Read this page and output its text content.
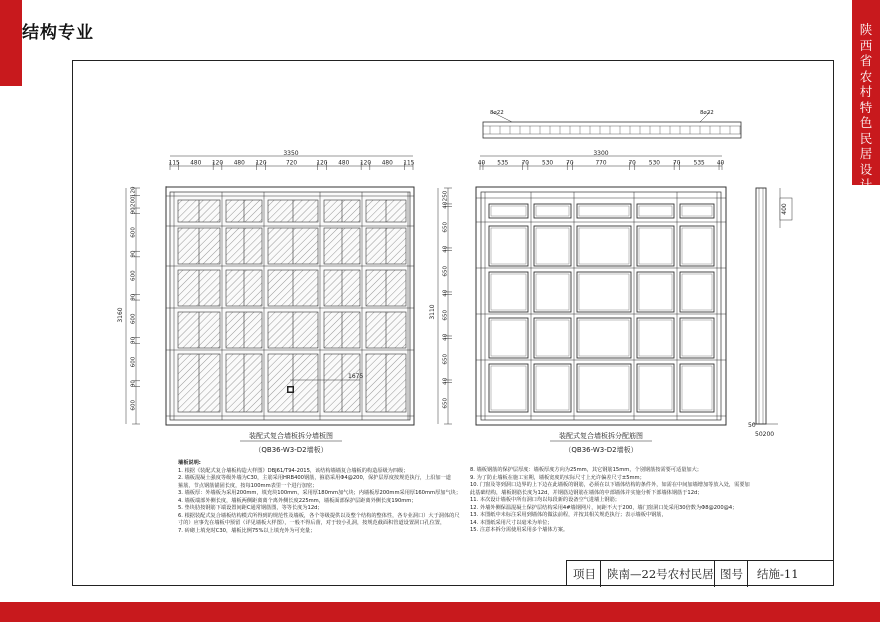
结构专业	陕西省农村特色民居设计图集
3350
115 480 120 480 120	720	120 480 120 480 115
3160
120
200
90
600
90
600
90
600
90
600
90
600
1675
装配式复合墙板拆分墙板图
（QB36-W3-D2墙板）
8⌀22	8⌀22
3300
40 535 70 530 70	770	70 530 70 535 40
3110
250
40
650
40
650
40
650
40
650
40
650
装配式复合墙板拆分配筋图
（QB36-W3-D2墙板）
400
50
50200
墙板说明:
1. 根据《装配式复合墙板构造大样图》DBJ61/T94-2015，该结构墙墙复合墙板的构造原级为四级；
2. 墙板混凝土强度等级外墙为C30，主筋采用HRB400钢筋，箍筋采用Φ4@200，保护层厚度按规范执行，上沿加一道
箍筋，节点钢筋锚固长度，按每100mm表里一个进行加密；
3. 墙板厚：外墙板为采用200mm，填充块100mm，采用厚180mm加气块；内墙板厚200mm采用厚160mm厚加气块；
4. 墙板端部外侧长度，墙板两侧距离离个离外侧长度225mm，墙板面部保护层距离外侧长度190mm；
5. 垫块肋按钢筋下端设置间距C通常钢筋图，等等长度为12d；
6. 根据装配式复合墙板结构模式所得到的规范性及墙板，各个等级提供以及整个结构的整体性，各专业洞口）大于洞体的尺
寸的）应事先在墙板中预留（详见墙板大样图），一般不得后凿，对于较小孔洞，按规范截面积管道设置洞口孔位置，
7. 砖砌上填充时C30，墙板比例75%以上填充外为可充量；
8. 墙板钢筋的保护层厚度：墙板厚度方向为25mm，其它钢筋15mm，个别钢筋按需要可适量加大；
9. 为了防止墙板在施工室期，墙板宽度的实际尺寸上允许偏差尺寸±5mm；
10. 门窗及等到洞口边界的上下边在此墙板的钢筋，必须在以下墙体结构的条件外，如需在中间加墙增加等放入处，需要加
此基础结构，墙板钢筋长度为12d，并钢筋边钢筋在墙体的中部墙体并实施分析下部墙体钢筋于12d；
11. 本次设计墙板中所有洞口均以每段新的设备空气进墙上钢筋；
12. 外墙外侧保温混凝土保护层结构采用4#墙钢网片，间距不大于200，墙门窗洞口处采用30倍数为Φ8@200@4；
13. 本图纸中未标注采用到墙体的做法前程，并按其相关规范执行；表示墙板中钢筋，
14. 本图纸采用尺寸以毫米为单位；
15. 注意本拆分需使用采用多个墙体方案。
项目 陕南—22号农村民居 图号 结施-11
